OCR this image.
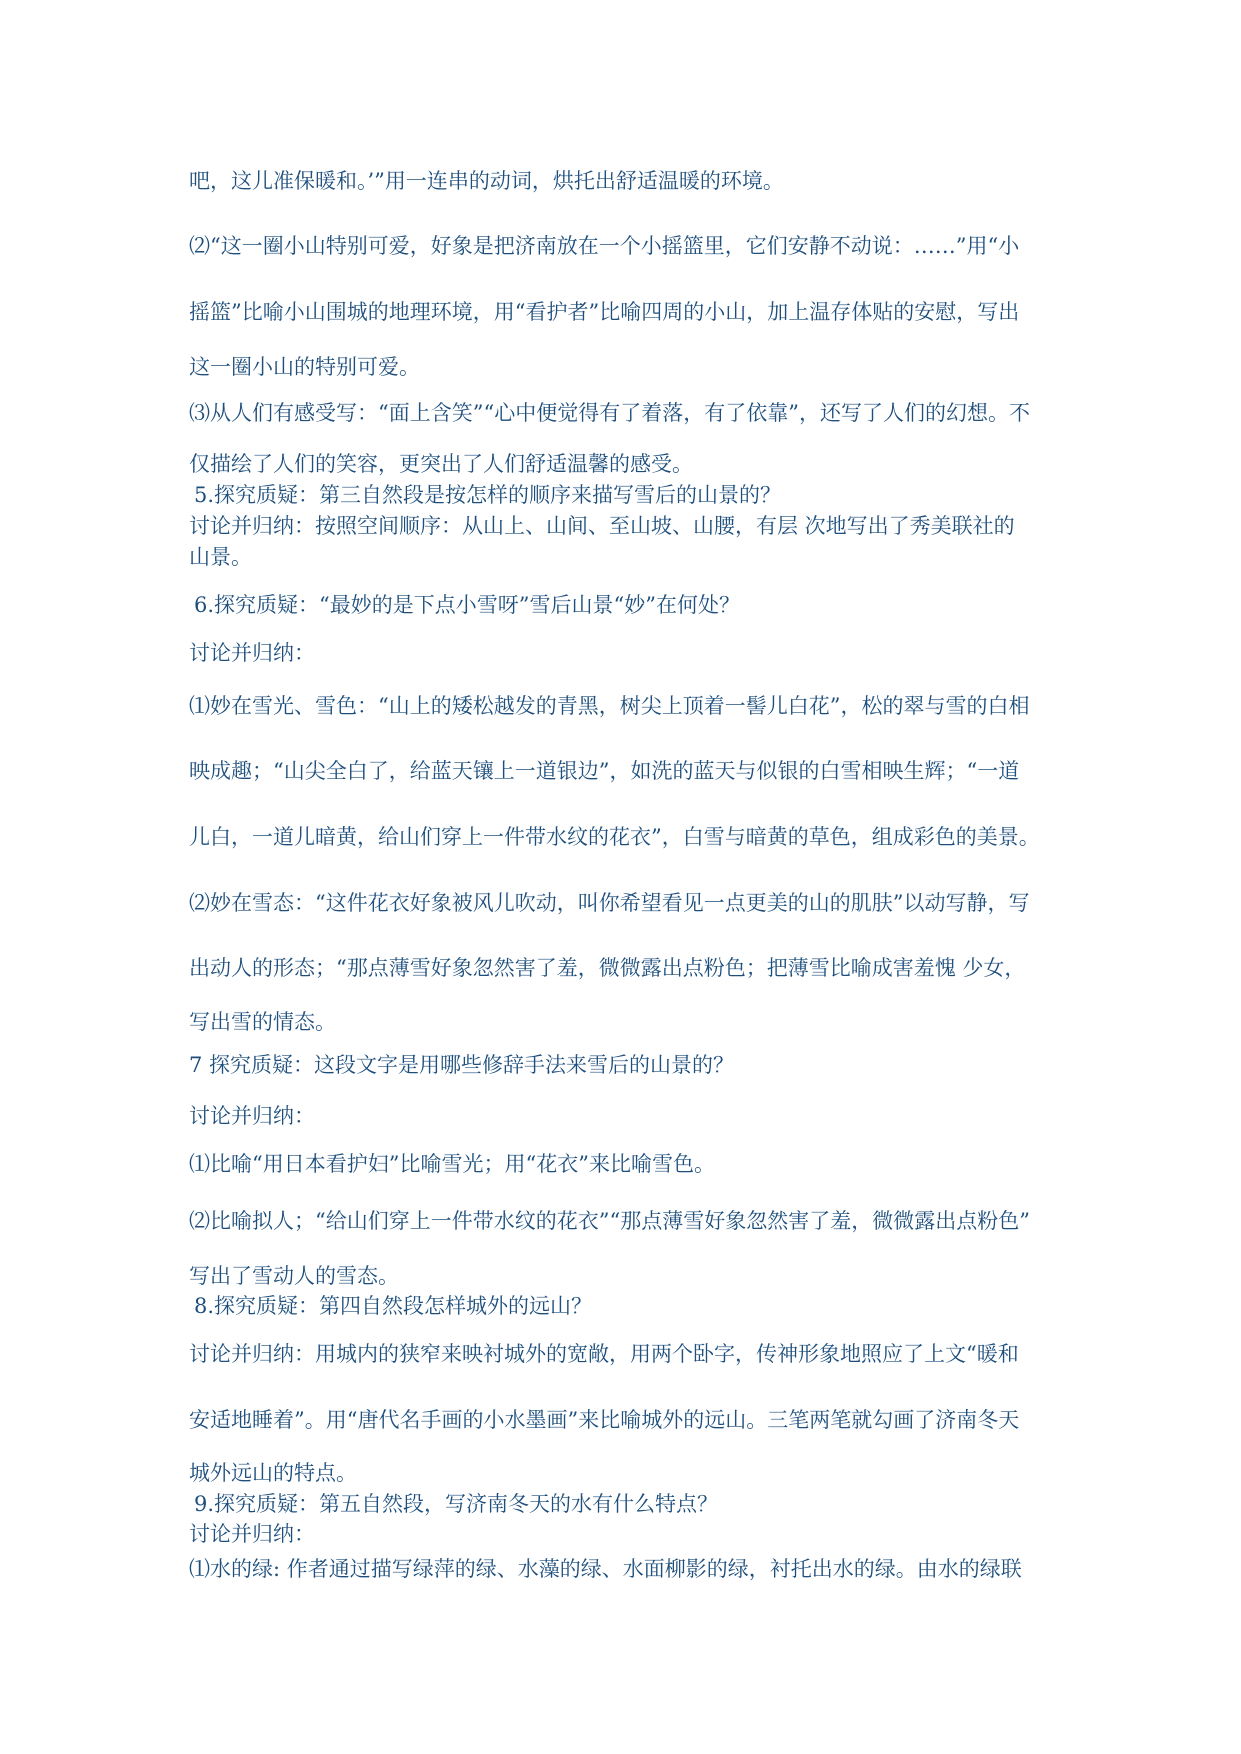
吧，这儿准保暖和。’”用一连串的动词，烘托出舒适温暖的环境。

⑵“这一圈小山特别可爱，好象是把济南放在一个小摇篮里，它们安静不动说：……”用“小

摇篮”比喻小山围城的地理环境，用“看护者”比喻四周的小山，加上温存体贴的安慰，写出

这一圈小山的特别可爱。

⑶从人们有感受写：“面上含笑”“心中便觉得有了着落，有了依靠”，还写了人们的幻想。不

仅描绘了人们的笑容，更突出了人们舒适温馨的感受。

5.探究质疑：第三自然段是按怎样的顺序来描写雪后的山景的？

讨论并归纳：按照空间顺序：从山上、山间、至山坡、山腰，有层 次地写出了秀美联社的

山景。

6.探究质疑：“最妙的是下点小雪呀”雪后山景“妙”在何处？

讨论并归纳：

⑴妙在雪光、雪色：“山上的矮松越发的青黑，树尖上顶着一髻儿白花”，松的翠与雪的白相

映成趣；“山尖全白了，给蓝天镶上一道银边”，如洗的蓝天与似银的白雪相映生辉；“一道

儿白，一道儿暗黄，给山们穿上一件带水纹的花衣”，白雪与暗黄的草色，组成彩色的美景。

⑵妙在雪态：“这件花衣好象被风儿吹动，叫你希望看见一点更美的山的肌肤”以动写静，写

出动人的形态；“那点薄雪好象忽然害了羞，微微露出点粉色；把薄雪比喻成害羞愧 少女，

写出雪的情态。

7 探究质疑：这段文字是用哪些修辞手法来雪后的山景的？

讨论并归纳：

⑴比喻“用日本看护妇”比喻雪光；用“花衣”来比喻雪色。

⑵比喻拟人；“给山们穿上一件带水纹的花衣”“那点薄雪好象忽然害了羞，微微露出点粉色”

写出了雪动人的雪态。

8.探究质疑：第四自然段怎样城外的远山？

讨论并归纳：用城内的狭窄来映衬城外的宽敞，用两个卧字，传神形象地照应了上文“暖和

安适地睡着”。用“唐代名手画的小水墨画”来比喻城外的远山。三笔两笔就勾画了济南冬天

城外远山的特点。

9.探究质疑：第五自然段，写济南冬天的水有什么特点？

讨论并归纳：

⑴水的绿: 作者通过描写绿萍的绿、水藻的绿、水面柳影的绿，衬托出水的绿。由水的绿联
